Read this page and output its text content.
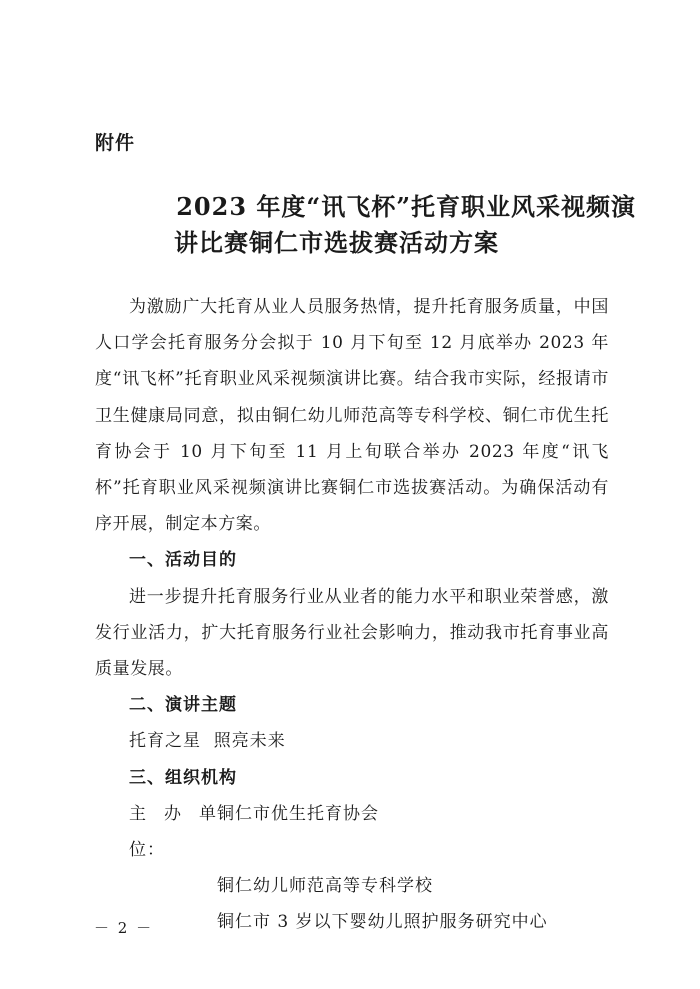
附件
2023 年度“讯飞杯”托育职业风采视频演
讲比赛铜仁市选拔赛活动方案

为激励广大托育从业人员服务热情，提升托育服务质量，中国人口学会托育服务分会拟于 10 月下旬至 12 月底举办 2023 年度“讯飞杯”托育职业风采视频演讲比赛。结合我市实际，经报请市卫生健康局同意，拟由铜仁幼儿师范高等专科学校、铜仁市优生托育协会于 10 月下旬至 11 月上旬联合举办 2023 年度“讯飞杯”托育职业风采视频演讲比赛铜仁市选拔赛活动。为确保活动有序开展，制定本方案。

一、活动目的

进一步提升托育服务行业从业者的能力水平和职业荣誉感，激发行业活力，扩大托育服务行业社会影响力，推动我市托育事业高质量发展。

二、演讲主题

托育之星  照亮未来

三、组织机构

主办单位：
铜仁市优生托育协会

铜仁幼儿师范高等专科学校

铜仁市 3 岁以下婴幼儿照护服务研究中心

－ 2 －
